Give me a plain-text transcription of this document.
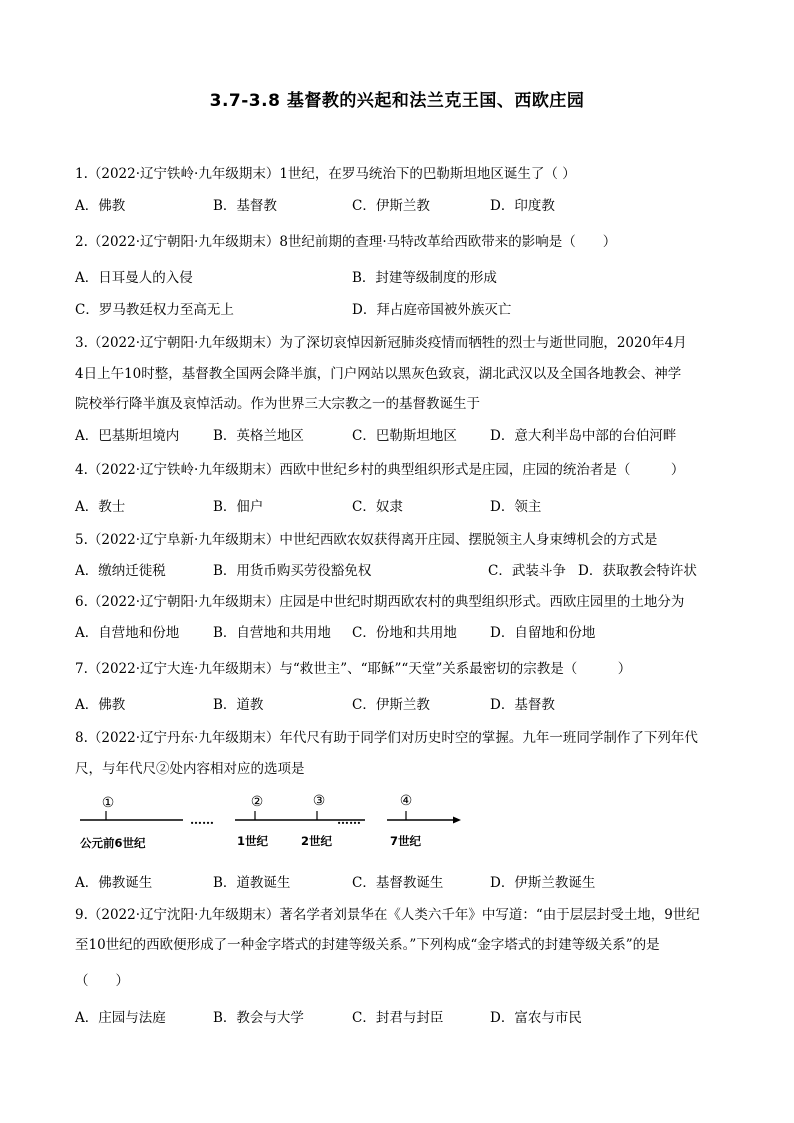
3.7-3.8 基督教的兴起和法兰克王国、西欧庄园
1.（2022·辽宁铁岭·九年级期末）1世纪，在罗马统治下的巴勒斯坦地区诞生了（ ）
A．佛教	B．基督教	C．伊斯兰教	D．印度教
2.（2022·辽宁朝阳·九年级期末）8世纪前期的查理·马特改革给西欧带来的影响是（　　）
A．日耳曼人的入侵	B．封建等级制度的形成
C．罗马教廷权力至高无上	D．拜占庭帝国被外族灭亡
3.（2022·辽宁朝阳·九年级期末）为了深切哀悼因新冠肺炎疫情而牺牲的烈士与逝世同胞，2020年4月
4日上午10时整，基督教全国两会降半旗，门户网站以黑灰色致哀，湖北武汉以及全国各地教会、神学
院校举行降半旗及哀悼活动。作为世界三大宗教之一的基督教诞生于
A．巴基斯坦境内	B．英格兰地区	C．巴勒斯坦地区 D．意大利半岛中部的台伯河畔
4.（2022·辽宁铁岭·九年级期末）西欧中世纪乡村的典型组织形式是庄园，庄园的统治者是（　　　）
A．教士	B．佃户	C．奴隶	D．领主
5.（2022·辽宁阜新·九年级期末）中世纪西欧农奴获得离开庄园、摆脱领主人身束缚机会的方式是
A．缴纳迁徙税	B．用货币购买劳役豁免权	C．武装斗争 D．获取教会特许状
6.（2022·辽宁朝阳·九年级期末）庄园是中世纪时期西欧农村的典型组织形式。西欧庄园里的土地分为
A．自营地和份地	B．自营地和共用地 C．份地和共用地 D．自留地和份地
7.（2022·辽宁大连·九年级期末）与“救世主”、“耶稣”“天堂”关系最密切的宗教是（　　　）
A．佛教	B．道教	C．伊斯兰教	D．基督教
8.（2022·辽宁丹东·九年级期末）年代尺有助于同学们对历史时空的掌握。九年一班同学制作了下列年代
尺，与年代尺②处内容相对应的选项是
①	②	③	④
……	……
公元前6世纪	1世纪	2世纪	7世纪
A．佛教诞生	B．道教诞生	C．基督教诞生	D．伊斯兰教诞生
9.（2022·辽宁沈阳·九年级期末）著名学者刘景华在《人类六千年》中写道：“由于层层封受土地，9世纪
至10世纪的西欧便形成了一种金字塔式的封建等级关系。”下列构成“金字塔式的封建等级关系”的是
（　　）
A．庄园与法庭	B．教会与大学	C．封君与封臣	D．富农与市民
